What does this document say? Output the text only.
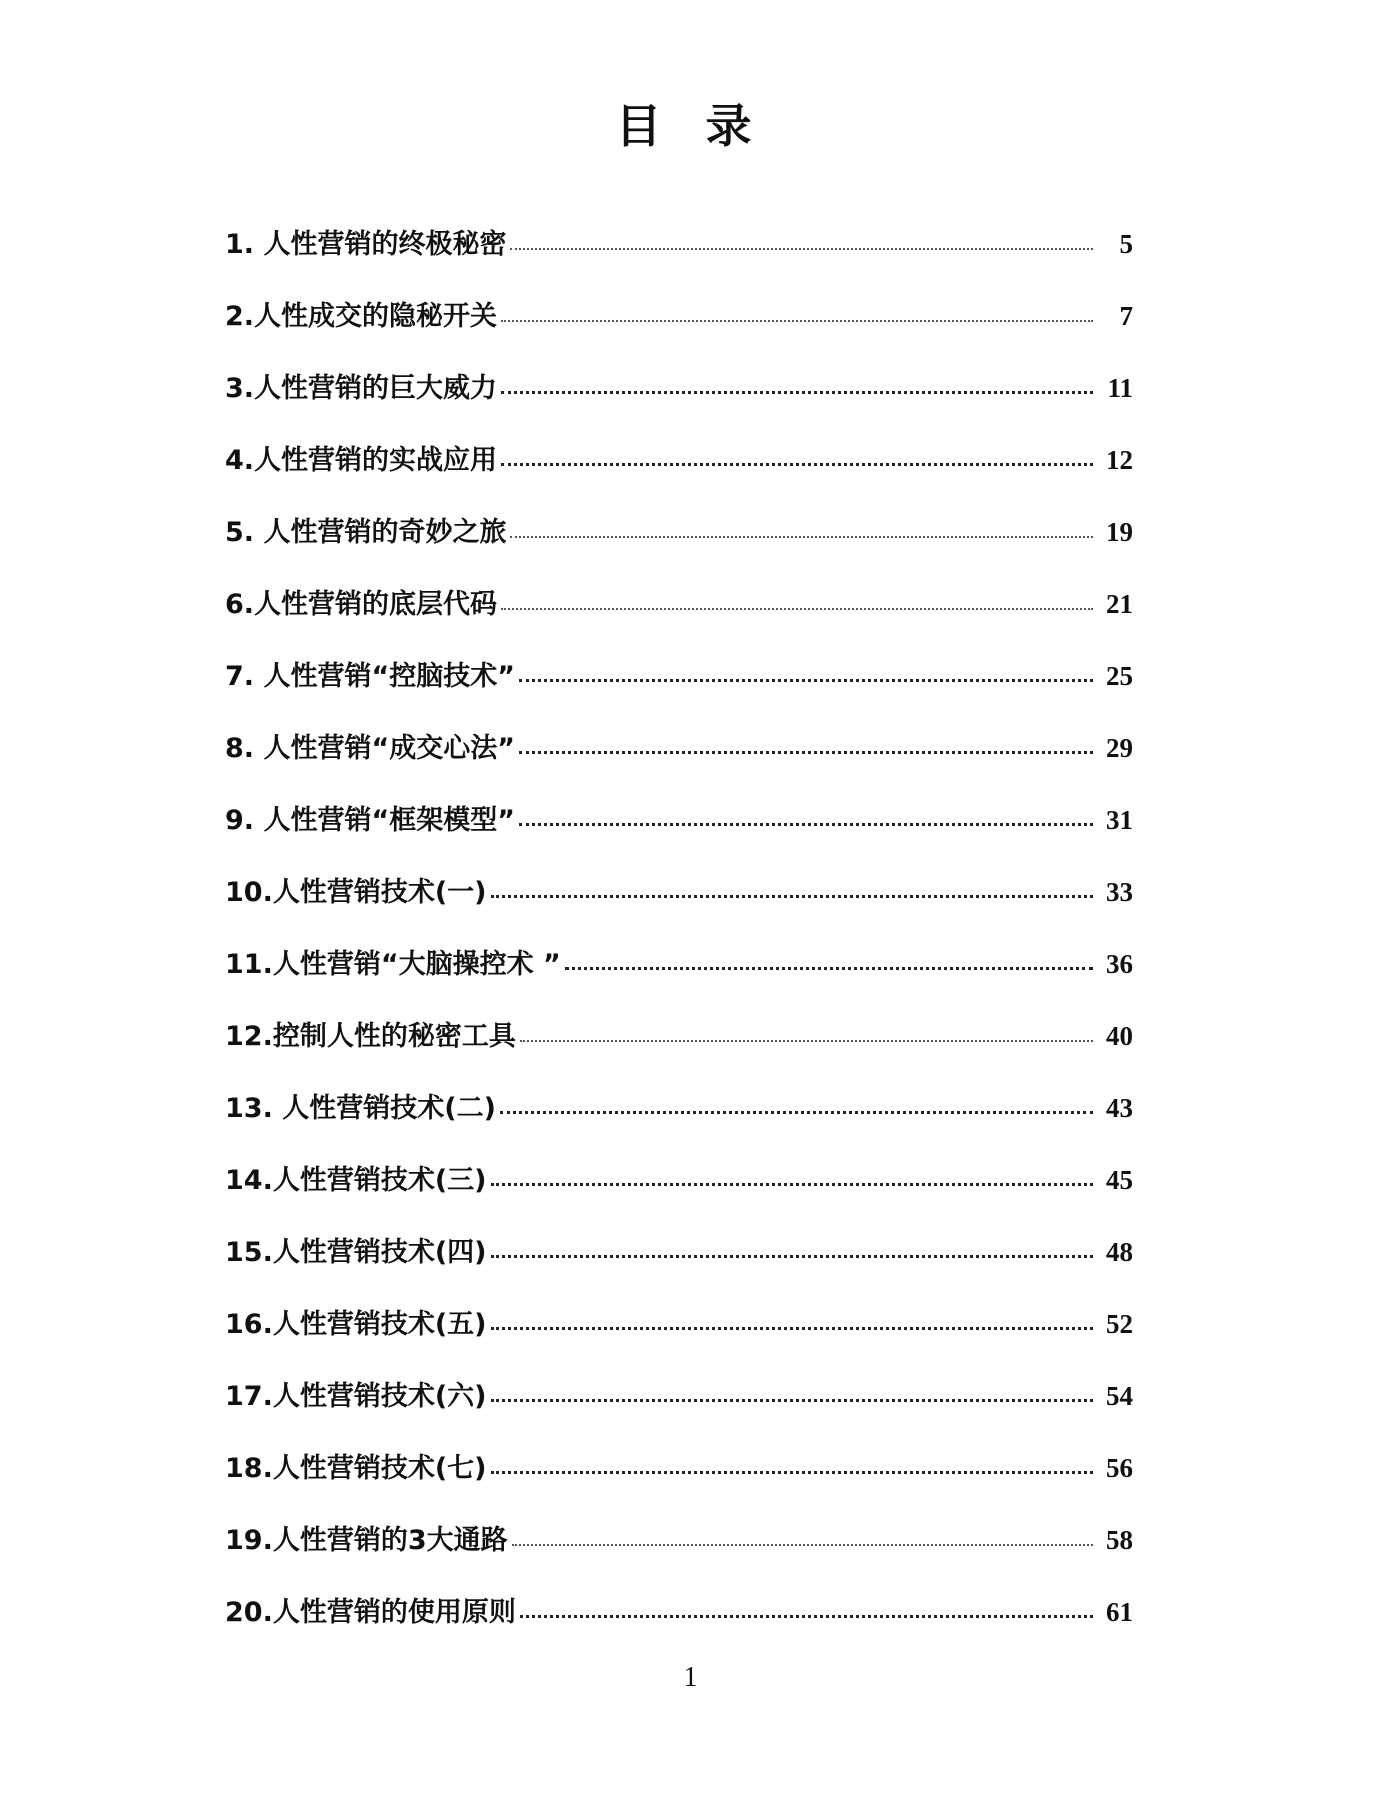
目 录
1. 人性营销的终极秘密	5
2.人性成交的隐秘开关	7
3.人性营销的巨大威力	11
4.人性营销的实战应用	12
5. 人性营销的奇妙之旅	19
6.人性营销的底层代码	21
7. 人性营销“控脑技术”	25
8. 人性营销“成交心法”	29
9. 人性营销“框架模型”	31
10.人性营销技术(一)	33
11.人性营销“大脑操控术 ”	36
12.控制人性的秘密工具	40
13. 人性营销技术(二)	43
14.人性营销技术(三)	45
15.人性营销技术(四)	48
16.人性营销技术(五)	52
17.人性营销技术(六)	54
18.人性营销技术(七)	56
19.人性营销的3大通路	58
20.人性营销的使用原则	61
1
